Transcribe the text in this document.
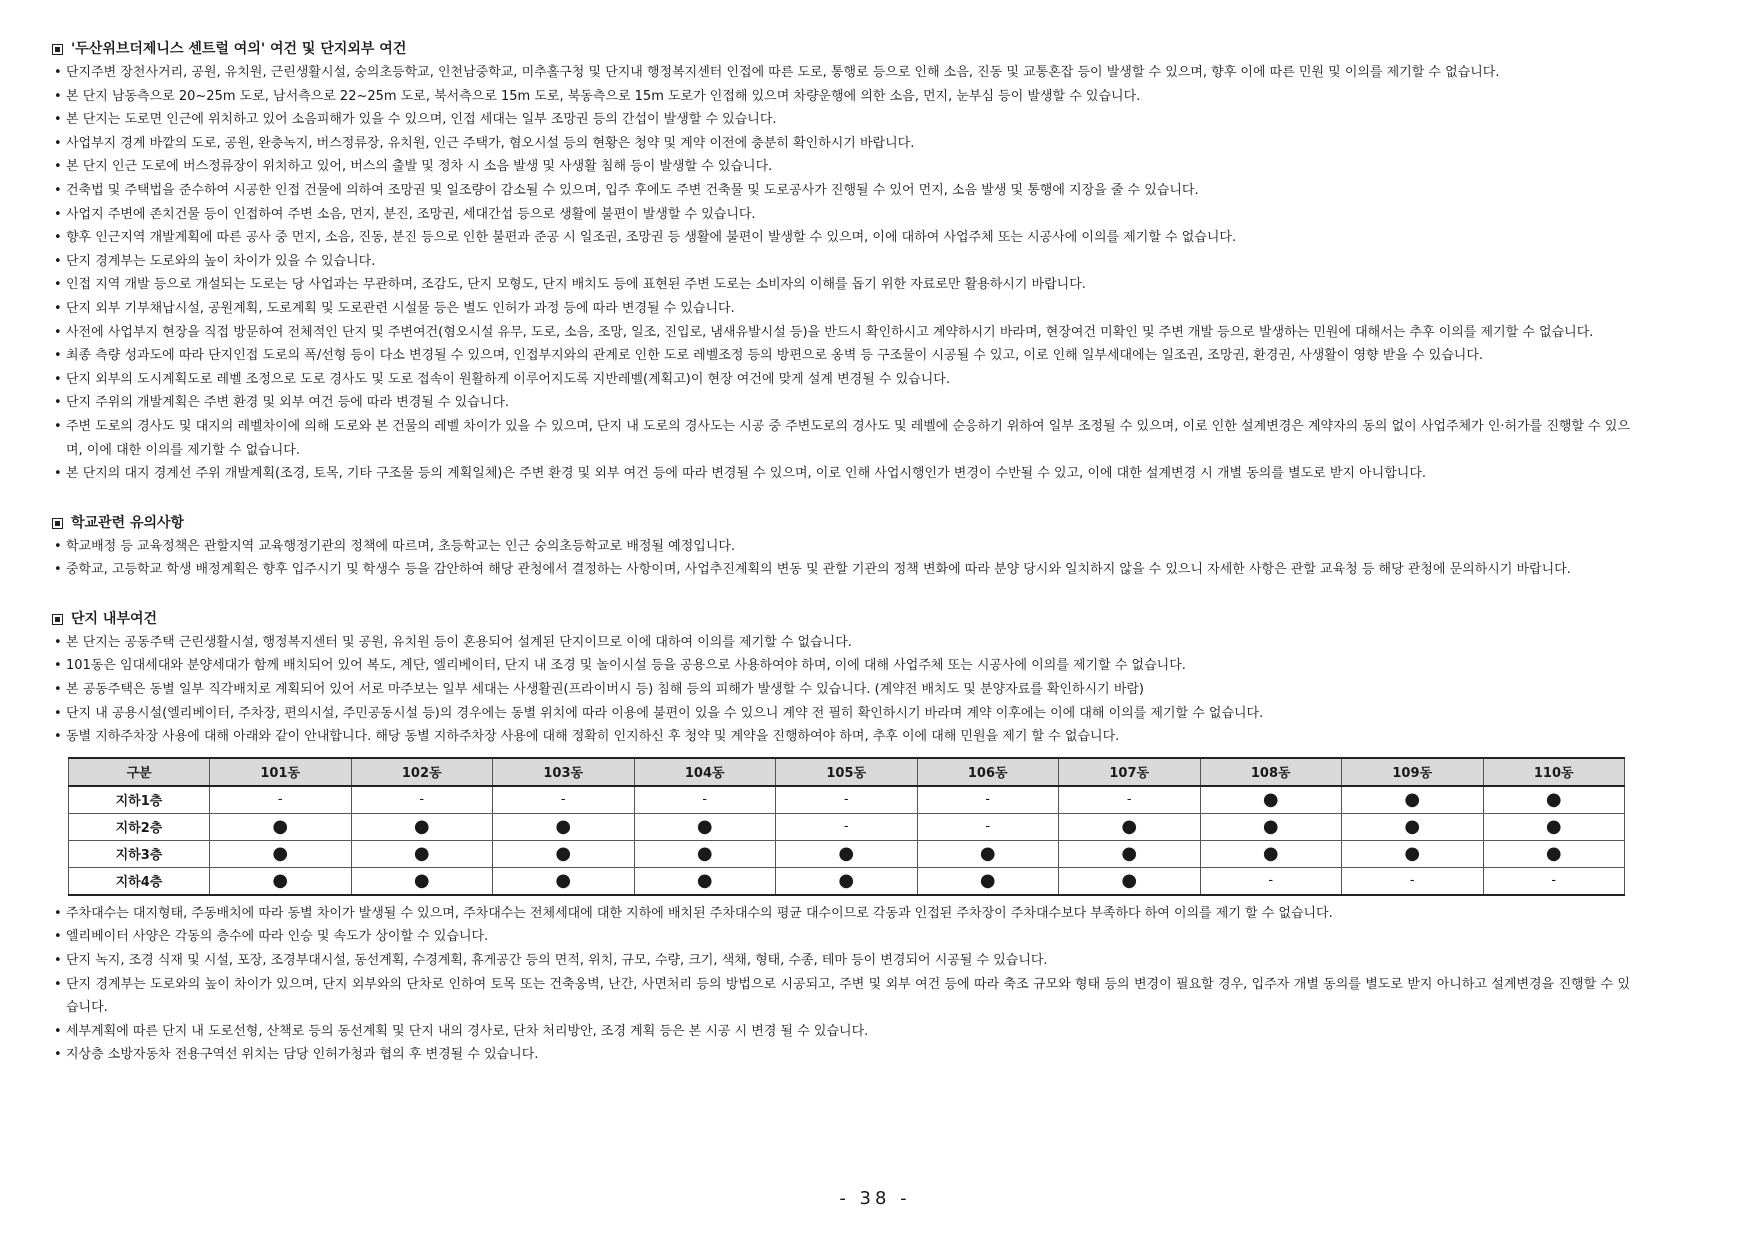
'두산위브더제니스 센트럴 여의' 여건 및 단지외부 여건
• 단지주변 장천사거리, 공원, 유치원, 근린생활시설, 숭의초등학교, 인천남중학교, 미추홀구청 및 단지내 행정복지센터 인접에 따른 도로, 통행로 등으로 인해 소음, 진동 및 교통혼잡 등이 발생할 수 있으며, 향후 이에 따른 민원 및 이의를 제기할 수 없습니다.
• 본 단지 남동측으로 20~25m 도로, 남서측으로 22~25m 도로, 북서측으로 15m 도로, 북동측으로 15m 도로가 인접해 있으며 차량운행에 의한 소음, 먼지, 눈부심 등이 발생할 수 있습니다.
• 본 단지는 도로면 인근에 위치하고 있어 소음피해가 있을 수 있으며, 인접 세대는 일부 조망권 등의 간섭이 발생할 수 있습니다.
• 사업부지 경계 바깥의 도로, 공원, 완충녹지, 버스정류장, 유치원, 인근 주택가, 혐오시설 등의 현황은 청약 및 계약 이전에 충분히 확인하시기 바랍니다.
• 본 단지 인근 도로에 버스정류장이 위치하고 있어, 버스의 출발 및 정차 시 소음 발생 및 사생활 침해 등이 발생할 수 있습니다.
• 건축법 및 주택법을 준수하여 시공한 인접 건물에 의하여 조망권 및 일조량이 감소될 수 있으며, 입주 후에도 주변 건축물 및 도로공사가 진행될 수 있어 먼지, 소음 발생 및 통행에 지장을 줄 수 있습니다.
• 사업지 주변에 존치건물 등이 인접하여 주변 소음, 먼지, 분진, 조망권, 세대간섭 등으로 생활에 불편이 발생할 수 있습니다.
• 향후 인근지역 개발계획에 따른 공사 중 먼지, 소음, 진동, 분진 등으로 인한 불편과 준공 시 일조권, 조망권 등 생활에 불편이 발생할 수 있으며, 이에 대하여 사업주체 또는 시공사에 이의를 제기할 수 없습니다.
• 단지 경계부는 도로와의 높이 차이가 있을 수 있습니다.
• 인접 지역 개발 등으로 개설되는 도로는 당 사업과는 무관하며, 조감도, 단지 모형도, 단지 배치도 등에 표현된 주변 도로는 소비자의 이해를 돕기 위한 자료로만 활용하시기 바랍니다.
• 단지 외부 기부채납시설, 공원계획, 도로계획 및 도로관련 시설물 등은 별도 인허가 과정 등에 따라 변경될 수 있습니다.
• 사전에 사업부지 현장을 직접 방문하여 전체적인 단지 및 주변여건(혐오시설 유무, 도로, 소음, 조망, 일조, 진입로, 냄새유발시설 등)을 반드시 확인하시고 계약하시기 바라며, 현장여건 미확인 및 주변 개발 등으로 발생하는 민원에 대해서는 추후 이의를 제기할 수 없습니다.
• 최종 측량 성과도에 따라 단지인접 도로의 폭/선형 등이 다소 변경될 수 있으며, 인접부지와의 관계로 인한 도로 레벨조정 등의 방편으로 옹벽 등 구조물이 시공될 수 있고, 이로 인해 일부세대에는 일조권, 조망권, 환경권, 사생활이 영향 받을 수 있습니다.
• 단지 외부의 도시계획도로 레벨 조정으로 도로 경사도 및 도로 접속이 원활하게 이루어지도록 지반레벨(계획고)이 현장 여건에 맞게 설계 변경될 수 있습니다.
• 단지 주위의 개발계획은 주변 환경 및 외부 여건 등에 따라 변경될 수 있습니다.
• 주변 도로의 경사도 및 대지의 레벨차이에 의해 도로와 본 건물의 레벨 차이가 있을 수 있으며, 단지 내 도로의 경사도는 시공 중 주변도로의 경사도 및 레벨에 순응하기 위하여 일부 조정될 수 있으며, 이로 인한 설계변경은 계약자의 동의 없이 사업주체가 인·허가를 진행할 수 있으며, 이에 대한 이의를 제기할 수 없습니다.
• 본 단지의 대지 경계선 주위 개발계획(조경, 토목, 기타 구조물 등의 계획일체)은 주변 환경 및 외부 여건 등에 따라 변경될 수 있으며, 이로 인해 사업시행인가 변경이 수반될 수 있고, 이에 대한 설계변경 시 개별 동의를 별도로 받지 아니합니다.
학교관련 유의사항
• 학교배정 등 교육정책은 관할지역 교육행정기관의 정책에 따르며, 초등학교는 인근 숭의초등학교로 배정될 예정입니다.
• 중학교, 고등학교 학생 배정계획은 향후 입주시기 및 학생수 등을 감안하여 해당 관청에서 결정하는 사항이며, 사업추진계획의 변동 및 관할 기관의 정책 변화에 따라 분양 당시와 일치하지 않을 수 있으니 자세한 사항은 관할 교육청 등 해당 관청에 문의하시기 바랍니다.
단지 내부여건
• 본 단지는 공동주택 근린생활시설, 행정복지센터 및 공원, 유치원 등이 혼용되어 설계된 단지이므로 이에 대하여 이의를 제기할 수 없습니다.
• 101동은 임대세대와 분양세대가 함께 배치되어 있어 복도, 계단, 엘리베이터, 단지 내 조경 및 놀이시설 등을 공용으로 사용하여야 하며, 이에 대해 사업주체 또는 시공사에 이의를 제기할 수 없습니다.
• 본 공동주택은 동별 일부 직각배치로 계획되어 있어 서로 마주보는 일부 세대는 사생활권(프라이버시 등) 침해 등의 피해가 발생할 수 있습니다. (계약전 배치도 및 분양자료를 확인하시기 바람)
• 단지 내 공용시설(엘리베이터, 주차장, 편의시설, 주민공동시설 등)의 경우에는 동별 위치에 따라 이용에 불편이 있을 수 있으니 계약 전 필히 확인하시기 바라며 계약 이후에는 이에 대해 이의를 제기할 수 없습니다.
• 동별 지하주차장 사용에 대해 아래와 같이 안내합니다. 해당 동별 지하주차장 사용에 대해 정확히 인지하신 후 청약 및 계약을 진행하여야 하며, 추후 이에 대해 민원을 제기 할 수 없습니다.
구분	101동	102동	103동	104동	105동	106동	107동	108동	109동	110동
지하1층	-	-	-	-	-	-	-	●	●	●
지하2층	●	●	●	●	-	-	●	●	●	●
지하3층	●	●	●	●	●	●	●	●	●	●
지하4층	●	●	●	●	●	●	●	-	-	-
• 주차대수는 대지형태, 주동배치에 따라 동별 차이가 발생될 수 있으며, 주차대수는 전체세대에 대한 지하에 배치된 주차대수의 평균 대수이므로 각동과 인접된 주차장이 주차대수보다 부족하다 하여 이의를 제기 할 수 없습니다.
• 엘리베이터 사양은 각동의 층수에 따라 인승 및 속도가 상이할 수 있습니다.
• 단지 녹지, 조경 식재 및 시설, 포장, 조경부대시설, 동선계획, 수경계획, 휴게공간 등의 면적, 위치, 규모, 수량, 크기, 색채, 형태, 수종, 테마 등이 변경되어 시공될 수 있습니다.
• 단지 경계부는 도로와의 높이 차이가 있으며, 단지 외부와의 단차로 인하여 토목 또는 건축옹벽, 난간, 사면처리 등의 방법으로 시공되고, 주변 및 외부 여건 등에 따라 축조 규모와 형태 등의 변경이 필요할 경우, 입주자 개별 동의를 별도로 받지 아니하고 설계변경을 진행할 수 있습니다.
• 세부계획에 따른 단지 내 도로선형, 산책로 등의 동선계획 및 단지 내의 경사로, 단차 처리방안, 조경 계획 등은 본 시공 시 변경 될 수 있습니다.
• 지상층 소방자동차 전용구역선 위치는 담당 인허가청과 협의 후 변경될 수 있습니다.
- 38 -
